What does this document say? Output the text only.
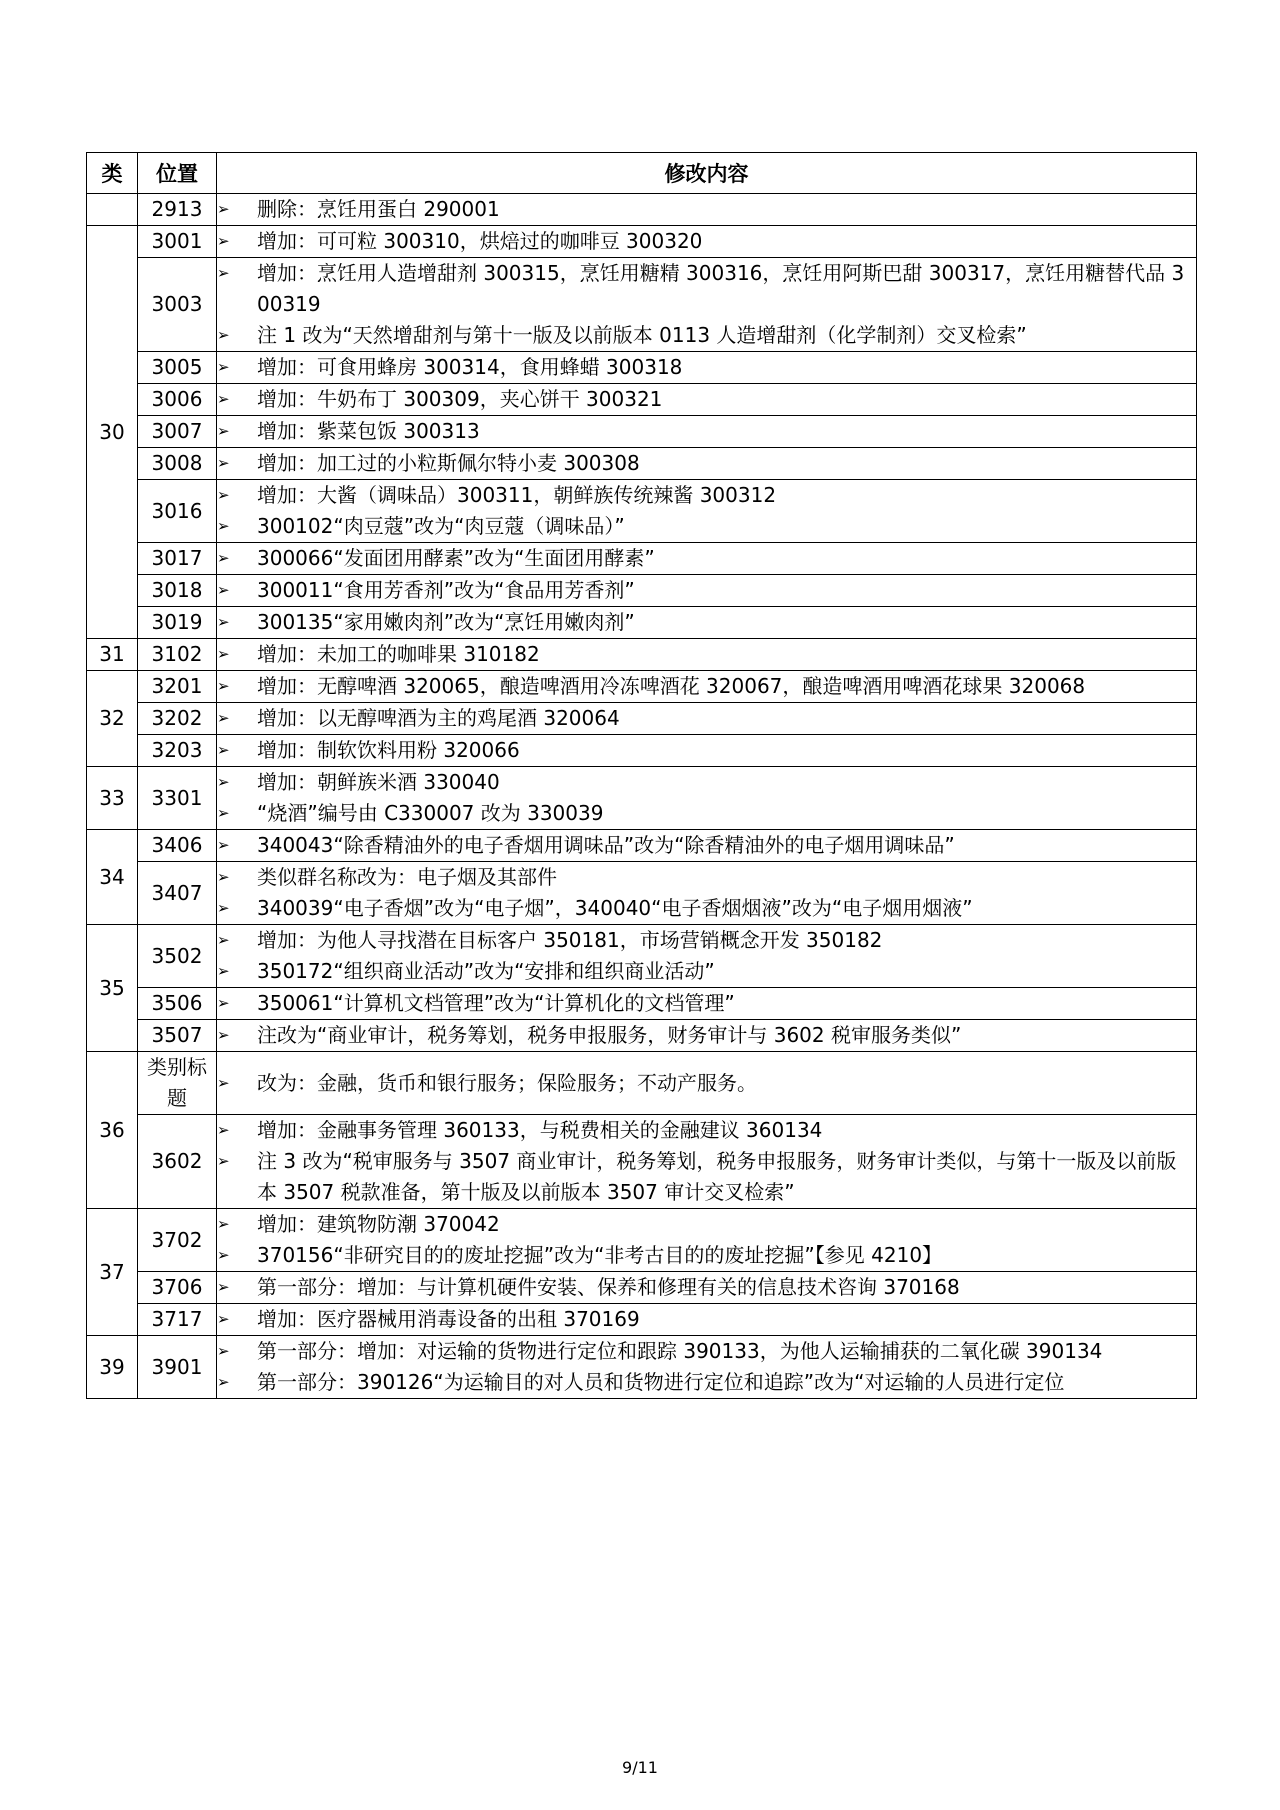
类	位置	修改内容
	2913	➢ 删除：烹饪用蛋白 290001

30	3001	➢ 增加：可可粒 300310，烘焙过的咖啡豆 300320

	3003	➢ 增加：烹饪用人造增甜剂 300315，烹饪用糖精 300316，烹饪用阿斯巴甜 300317，烹饪用糖替代品 300319
➢ 注 1 改为“天然增甜剂与第十一版及以前版本 0113 人造增甜剂（化学制剂）交叉检索”

	3005	➢ 增加：可食用蜂房 300314，食用蜂蜡 300318

	3006	➢ 增加：牛奶布丁 300309，夹心饼干 300321

	3007	➢ 增加：紫菜包饭 300313

	3008	➢ 增加：加工过的小粒斯佩尔特小麦 300308

	3016	➢ 增加：大酱（调味品）300311，朝鲜族传统辣酱 300312
➢ 300102“肉豆蔻”改为“肉豆蔻（调味品）”

	3017	➢ 300066“发面团用酵素”改为“生面团用酵素”

	3018	➢ 300011“食用芳香剂”改为“食品用芳香剂”

	3019	➢ 300135“家用嫩肉剂”改为“烹饪用嫩肉剂”

31	3102	➢ 增加：未加工的咖啡果 310182

32	3201	➢ 增加：无醇啤酒 320065，酿造啤酒用冷冻啤酒花 320067，酿造啤酒用啤酒花球果 320068

	3202	➢ 增加：以无醇啤酒为主的鸡尾酒 320064

	3203	➢ 增加：制软饮料用粉 320066

33	3301	➢ 增加：朝鲜族米酒 330040
➢ “烧酒”编号由 C330007 改为 330039

34	3406	➢ 340043“除香精油外的电子香烟用调味品”改为“除香精油外的电子烟用调味品”

	3407	➢ 类似群名称改为：电子烟及其部件
➢ 340039“电子香烟”改为“电子烟”，340040“电子香烟烟液”改为“电子烟用烟液”

35	3502	➢ 增加：为他人寻找潜在目标客户 350181，市场营销概念开发 350182
➢ 350172“组织商业活动”改为“安排和组织商业活动”

	3506	➢ 350061“计算机文档管理”改为“计算机化的文档管理”

	3507	➢ 注改为“商业审计，税务筹划，税务申报服务，财务审计与 3602 税审服务类似”

36	类别标题	➢ 改为：金融，货币和银行服务；保险服务；不动产服务。

	3602	➢ 增加：金融事务管理 360133，与税费相关的金融建议 360134
➢ 注 3 改为“税审服务与 3507 商业审计，税务筹划，税务申报服务，财务审计类似，与第十一版及以前版本 3507 税款准备，第十版及以前版本 3507 审计交叉检索”

37	3702	➢ 增加：建筑物防潮 370042
➢ 370156“非研究目的的废址挖掘”改为“非考古目的的废址挖掘”【参见 4210】

	3706	➢ 第一部分：增加：与计算机硬件安装、保养和修理有关的信息技术咨询 370168

	3717	➢ 增加：医疗器械用消毒设备的出租 370169

39	3901	➢ 第一部分：增加：对运输的货物进行定位和跟踪 390133，为他人运输捕获的二氧化碳 390134
➢ 第一部分：390126“为运输目的对人员和货物进行定位和追踪”改为“对运输的人员进行定位
9/11
